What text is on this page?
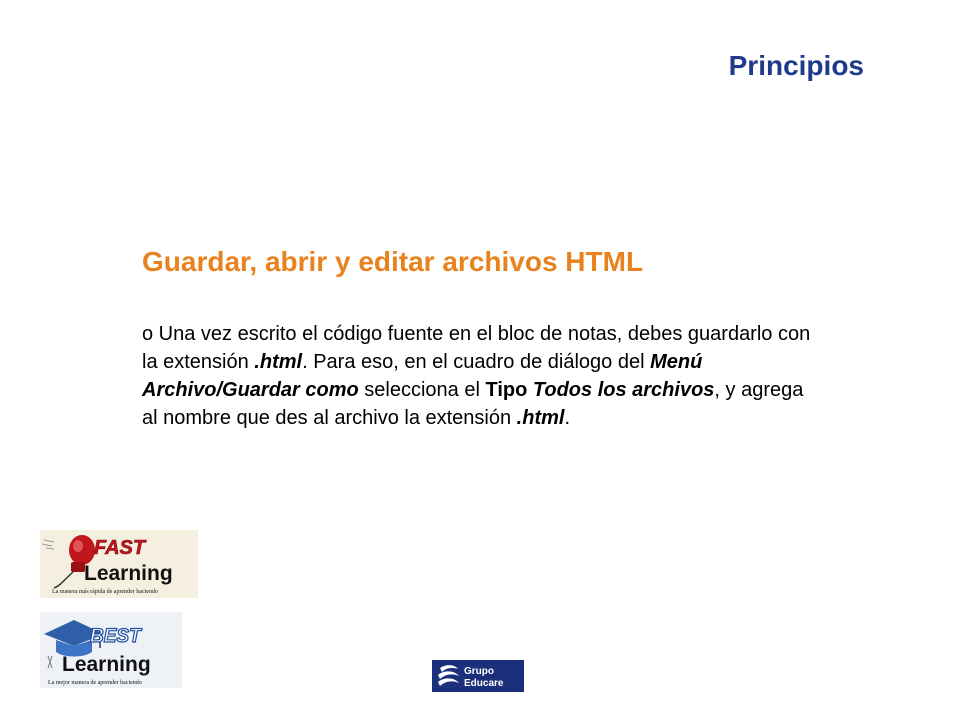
Principios
Guardar, abrir y editar archivos HTML
o Una vez escrito el código fuente en el bloc de notas, debes guardarlo con la extensión .html. Para eso, en el cuadro de diálogo del Menú Archivo/Guardar como selecciona el Tipo Todos los archivos, y agrega al nombre que des al archivo la extensión .html.
FAST
Learning
La manera más rápida de aprender haciendo
BEST
Learning
La mejor manera de aprender haciendo
Grupo
Educare
